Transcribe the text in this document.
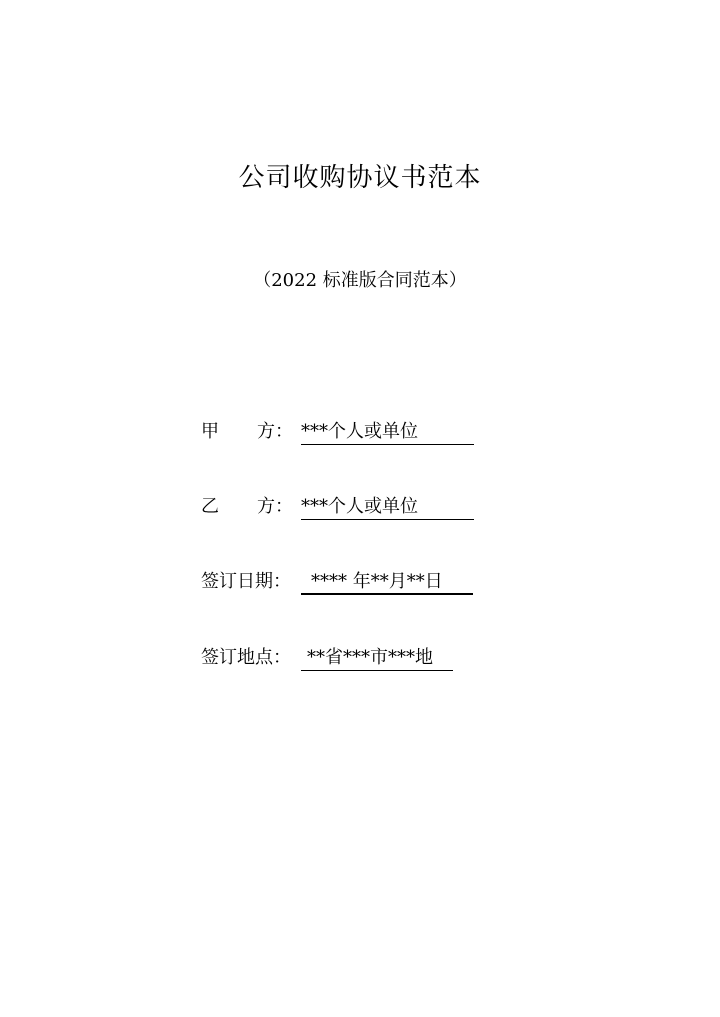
公司收购协议书范本
（2022 标准版合同范本）
甲 方： ***个人或单位
乙 方： ***个人或单位
签订日期：	**** 年**月**日
签订地点： **省***市***地
